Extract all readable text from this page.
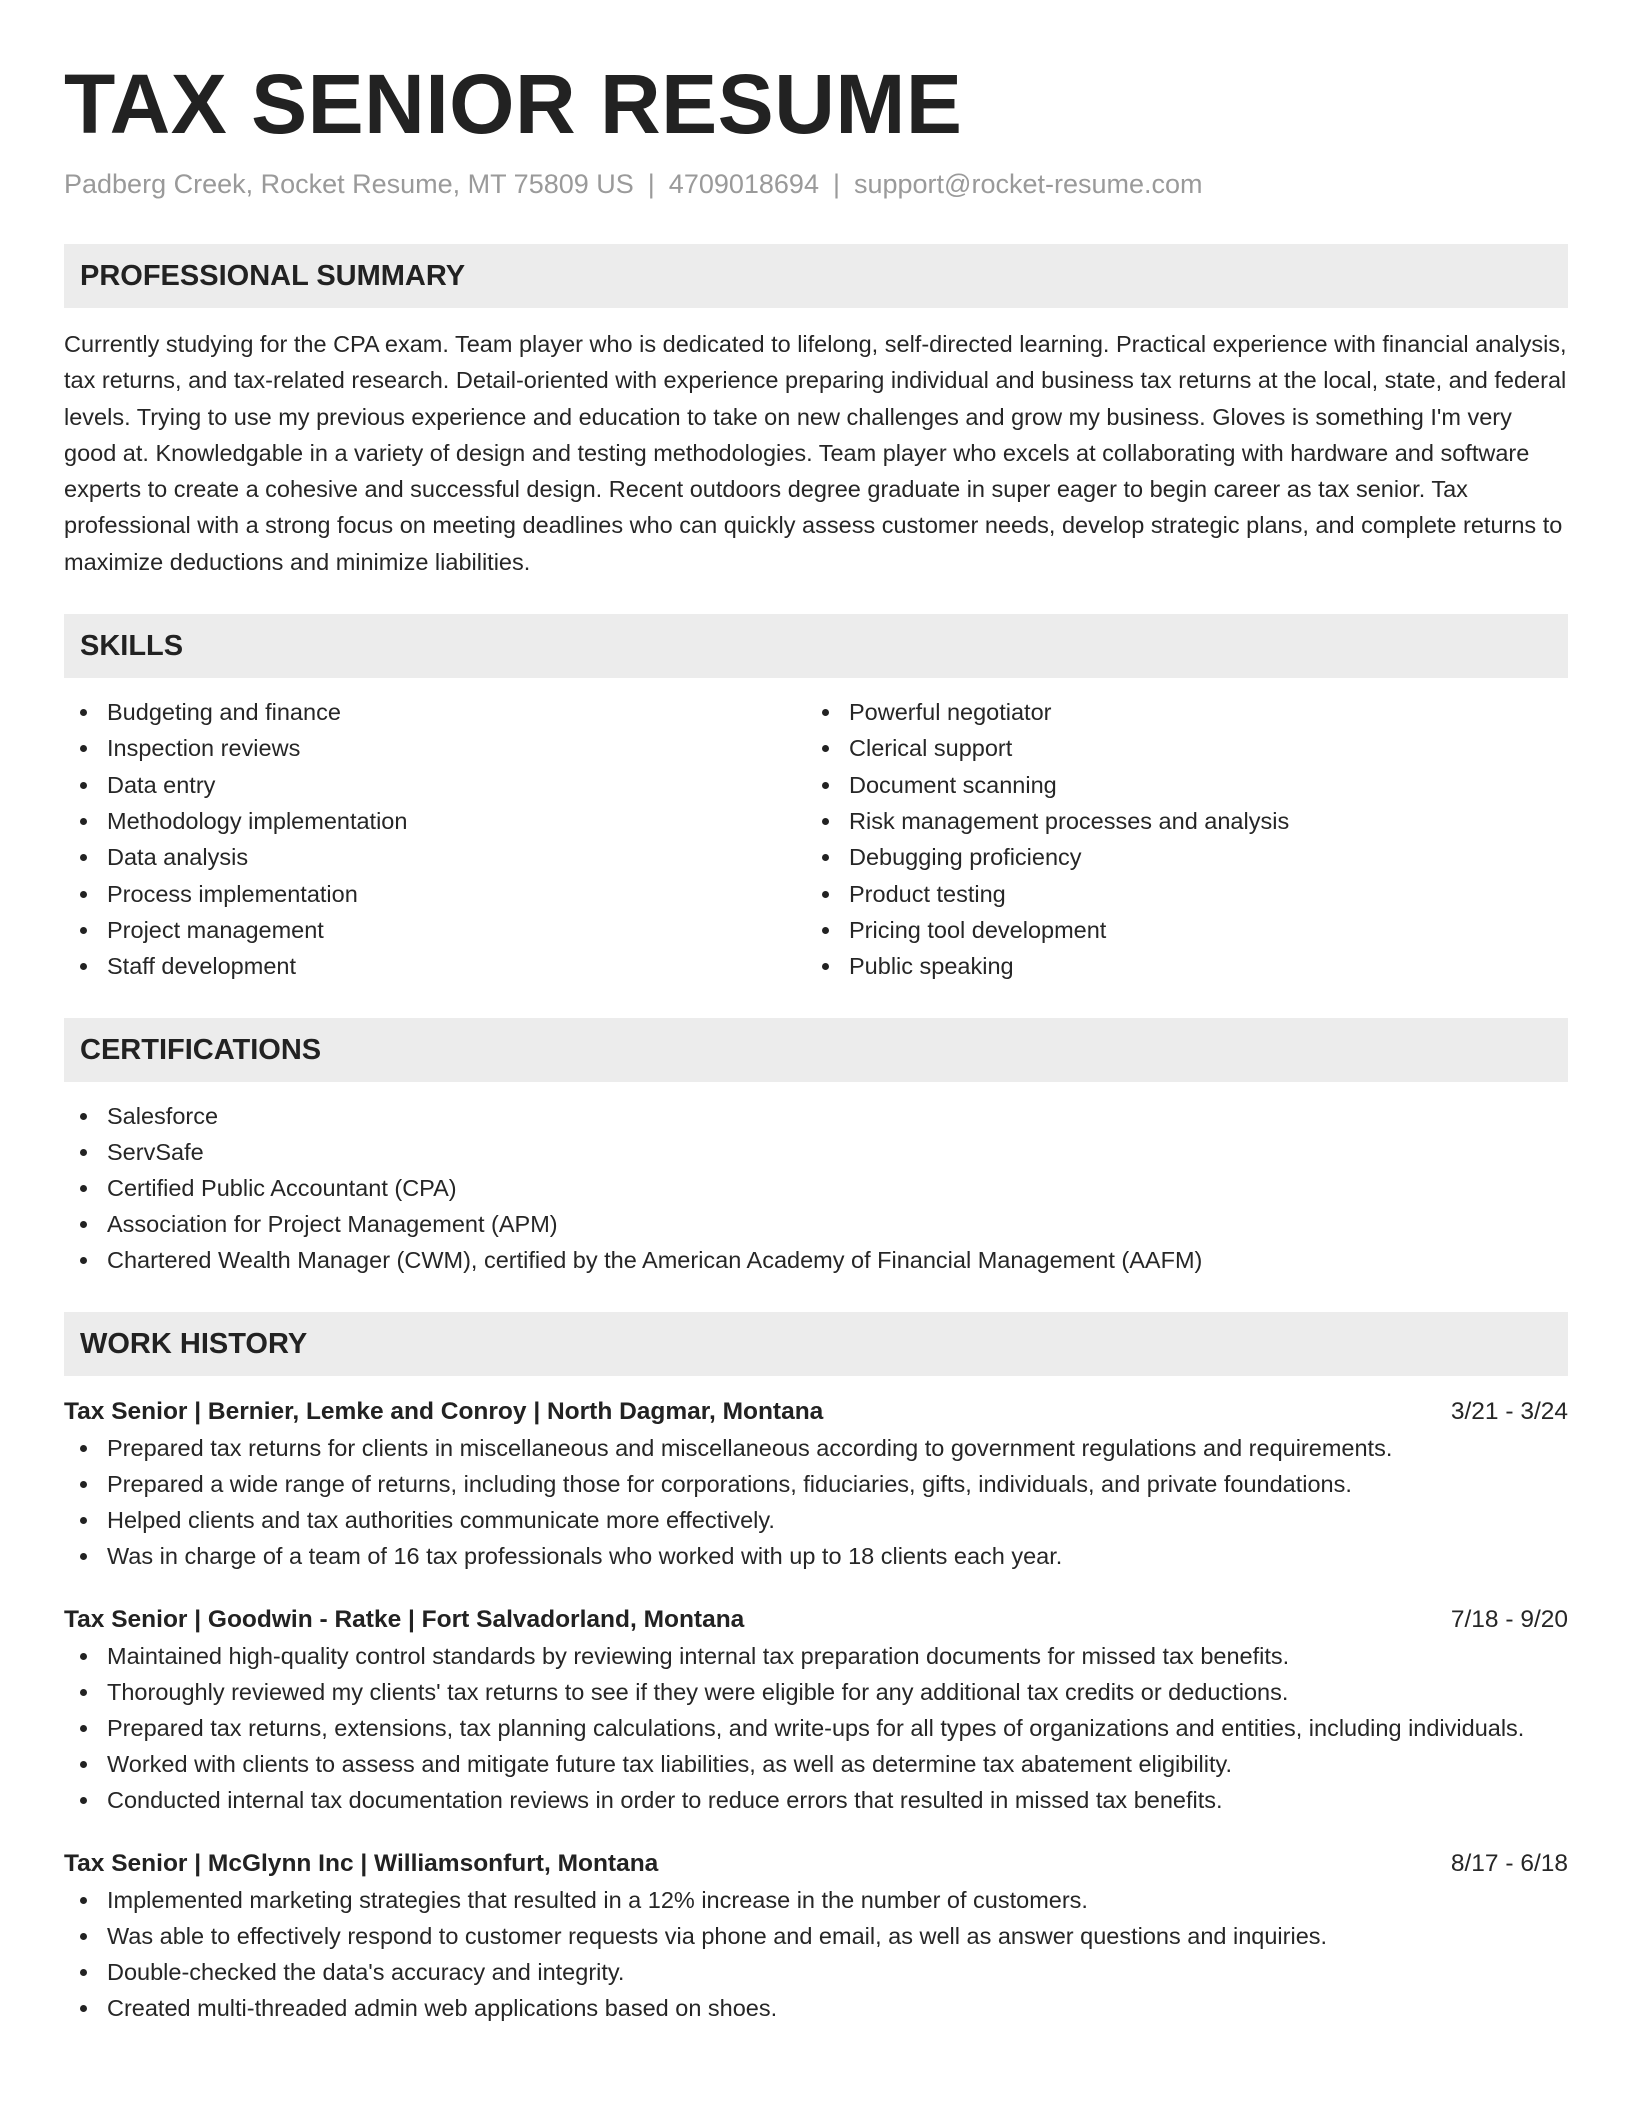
TAX SENIOR RESUME
Padberg Creek, Rocket Resume, MT 75809 US | 4709018694 | support@rocket-resume.com
PROFESSIONAL SUMMARY

Currently studying for the CPA exam. Team player who is dedicated to lifelong, self-directed learning. Practical experience with financial analysis, tax returns, and tax-related research. Detail-oriented with experience preparing individual and business tax returns at the local, state, and federal levels. Trying to use my previous experience and education to take on new challenges and grow my business. Gloves is something I'm very good at. Knowledgable in a variety of design and testing methodologies. Team player who excels at collaborating with hardware and software experts to create a cohesive and successful design. Recent outdoors degree graduate in super eager to begin career as tax senior. Tax professional with a strong focus on meeting deadlines who can quickly assess customer needs, develop strategic plans, and complete returns to maximize deductions and minimize liabilities.

SKILLS
Budgeting and finance
Inspection reviews
Data entry
Methodology implementation
Data analysis
Process implementation
Project management
Staff development
Powerful negotiator
Clerical support
Document scanning
Risk management processes and analysis
Debugging proficiency
Product testing
Pricing tool development
Public speaking
CERTIFICATIONS
Salesforce
ServSafe
Certified Public Accountant (CPA)
Association for Project Management (APM)
Chartered Wealth Manager (CWM), certified by the American Academy of Financial Management (AAFM)
WORK HISTORY
Tax Senior | Bernier, Lemke and Conroy | North Dagmar, Montana	3/21 - 3/24
Prepared tax returns for clients in miscellaneous and miscellaneous according to government regulations and requirements.
Prepared a wide range of returns, including those for corporations, fiduciaries, gifts, individuals, and private foundations.
Helped clients and tax authorities communicate more effectively.
Was in charge of a team of 16 tax professionals who worked with up to 18 clients each year.
Tax Senior | Goodwin - Ratke | Fort Salvadorland, Montana	7/18 - 9/20
Maintained high-quality control standards by reviewing internal tax preparation documents for missed tax benefits.
Thoroughly reviewed my clients' tax returns to see if they were eligible for any additional tax credits or deductions.
Prepared tax returns, extensions, tax planning calculations, and write-ups for all types of organizations and entities, including individuals.
Worked with clients to assess and mitigate future tax liabilities, as well as determine tax abatement eligibility.
Conducted internal tax documentation reviews in order to reduce errors that resulted in missed tax benefits.
Tax Senior | McGlynn Inc | Williamsonfurt, Montana	8/17 - 6/18
Implemented marketing strategies that resulted in a 12% increase in the number of customers.
Was able to effectively respond to customer requests via phone and email, as well as answer questions and inquiries.
Double-checked the data's accuracy and integrity.
Created multi-threaded admin web applications based on shoes.
